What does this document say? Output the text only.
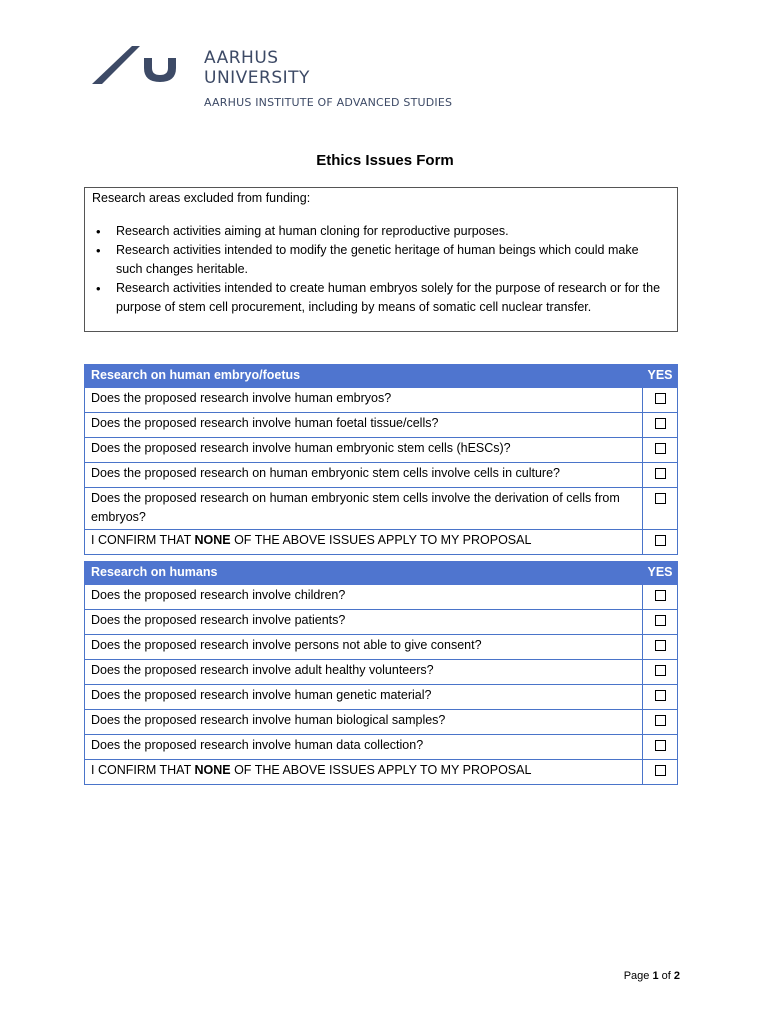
AARHUS
UNIVERSITY
AARHUS INSTITUTE OF ADVANCED STUDIES
Ethics Issues Form
Research areas excluded from funding:
• Research activities aiming at human cloning for reproductive purposes.
• Research activities intended to modify the genetic heritage of human beings which could make such changes heritable.
• Research activities intended to create human embryos solely for the purpose of research or for the purpose of stem cell procurement, including by means of somatic cell nuclear transfer.
Research on human embryo/foetus	YES
Does the proposed research involve human embryos?	
Does the proposed research involve human foetal tissue/cells?	
Does the proposed research involve human embryonic stem cells (hESCs)?	
Does the proposed research on human embryonic stem cells involve cells in culture?	
Does the proposed research on human embryonic stem cells involve the derivation of cells from embryos?	
I CONFIRM THAT NONE OF THE ABOVE ISSUES APPLY TO MY PROPOSAL	
Research on humans	YES
Does the proposed research involve children?	
Does the proposed research involve patients?	
Does the proposed research involve persons not able to give consent?	
Does the proposed research involve adult healthy volunteers?	
Does the proposed research involve human genetic material?	
Does the proposed research involve human biological samples?	
Does the proposed research involve human data collection?	
I CONFIRM THAT NONE OF THE ABOVE ISSUES APPLY TO MY PROPOSAL	
Page 1 of 2
